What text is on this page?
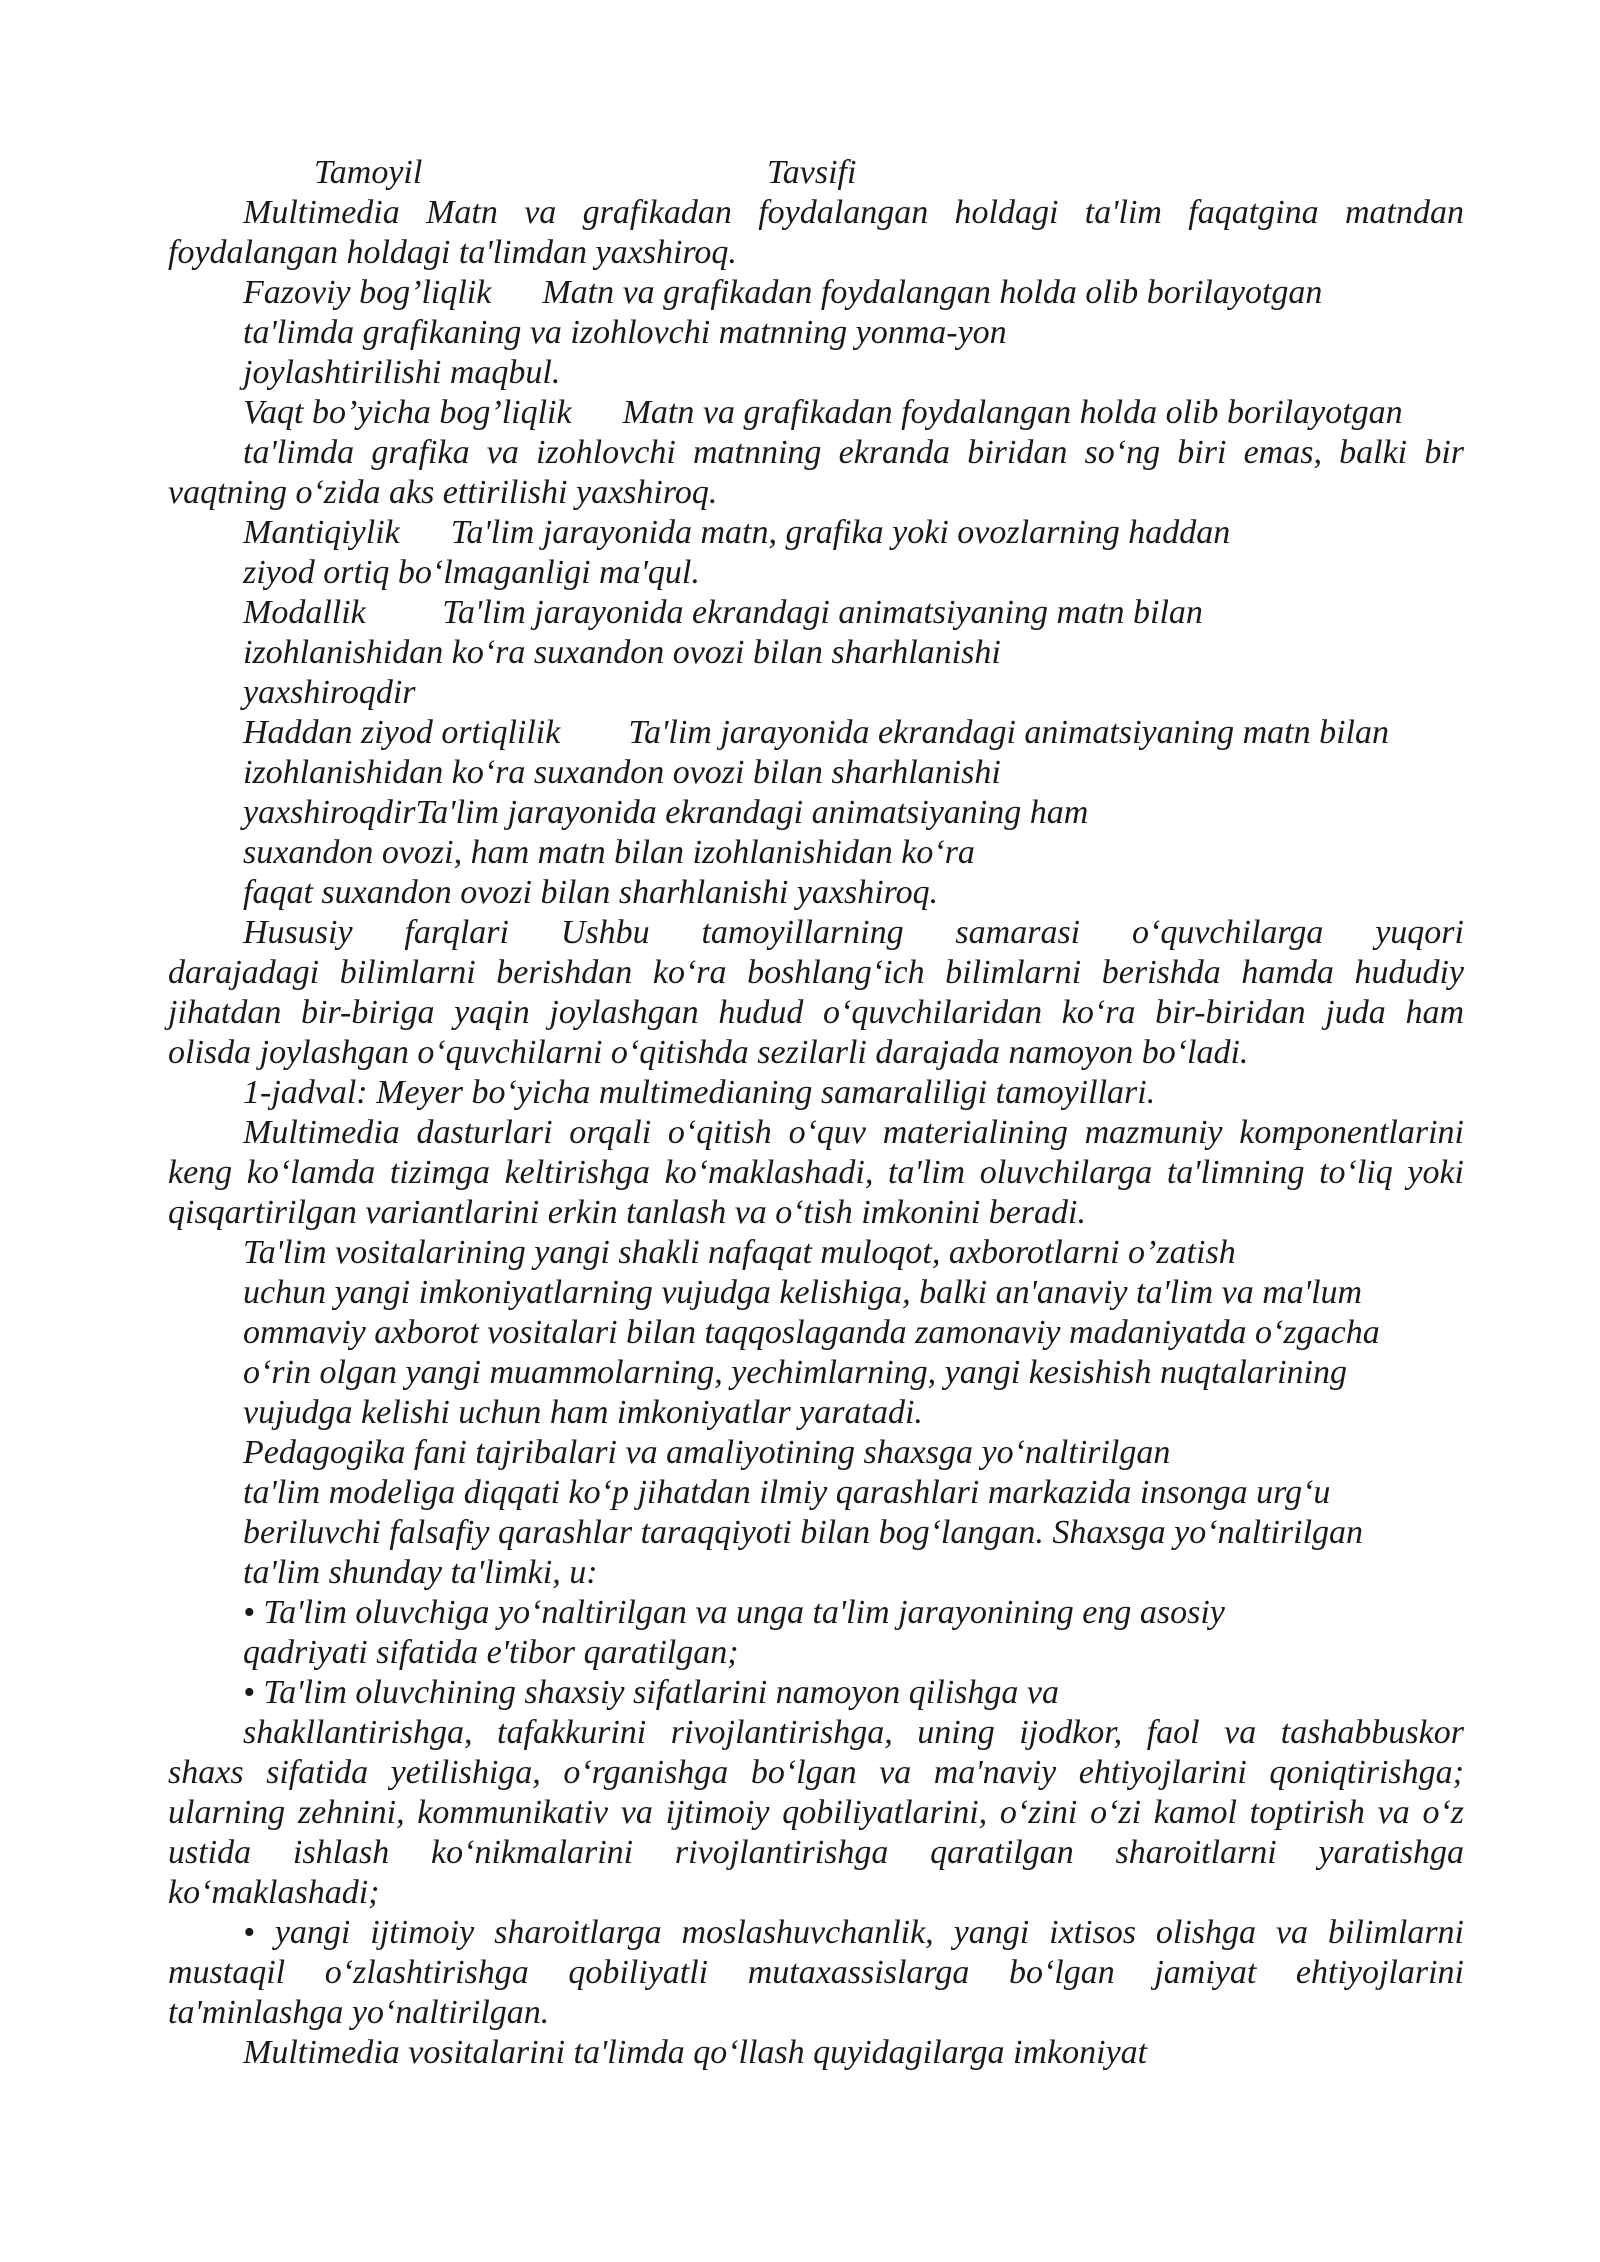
Tamoyil	Tavsifi
Multimedia Matn va grafikadan foydalangan holdagi ta'lim faqatgina matndan
foydalangan holdagi ta'limdan yaxshiroq.
Fazoviy bog’liqlik      Matn va grafikadan foydalangan holda olib borilayotgan
ta'limda grafikaning va izohlovchi matnning yonma-yon
joylashtirilishi maqbul.
Vaqt bo’yicha bog’liqlik      Matn va grafikadan foydalangan holda olib borilayotgan
ta'limda grafika va izohlovchi matnning ekranda biridan so‘ng biri emas, balki bir
vaqtning o‘zida aks ettirilishi yaxshiroq.
Mantiqiylik      Ta'lim jarayonida matn, grafika yoki ovozlarning haddan
ziyod ortiq bo‘lmaganligi ma'qul.
Modallik         Ta'lim jarayonida ekrandagi animatsiyaning matn bilan
izohlanishidan ko‘ra suxandon ovozi bilan sharhlanishi
yaxshiroqdir
Haddan ziyod ortiqlilik        Ta'lim jarayonida ekrandagi animatsiyaning matn bilan
izohlanishidan ko‘ra suxandon ovozi bilan sharhlanishi
yaxshiroqdirTa'lim jarayonida ekrandagi animatsiyaning ham
suxandon ovozi, ham matn bilan izohlanishidan ko‘ra
faqat suxandon ovozi bilan sharhlanishi yaxshiroq.
Hususiy farqlari Ushbu tamoyillarning samarasi o‘quvchilarga yuqori
darajadagi bilimlarni berishdan ko‘ra boshlang‘ich bilimlarni berishda hamda hududiy
jihatdan bir-biriga yaqin joylashgan hudud o‘quvchilaridan ko‘ra bir-biridan juda ham
olisda joylashgan o‘quvchilarni o‘qitishda sezilarli darajada namoyon bo‘ladi.
1-jadval: Meyer bo‘yicha multimedianing samaraliligi tamoyillari.
Multimedia dasturlari orqali o‘qitish o‘quv materialining mazmuniy komponentlarini
keng ko‘lamda tizimga keltirishga ko‘maklashadi, ta'lim oluvchilarga ta'limning to‘liq yoki
qisqartirilgan variantlarini erkin tanlash va o‘tish imkonini beradi.
Ta'lim vositalarining yangi shakli nafaqat muloqot, axborotlarni o’zatish
uchun yangi imkoniyatlarning vujudga kelishiga, balki an'anaviy ta'lim va ma'lum
ommaviy axborot vositalari bilan taqqoslaganda zamonaviy madaniyatda o‘zgacha
o‘rin olgan yangi muammolarning, yechimlarning, yangi kesishish nuqtalarining
vujudga kelishi uchun ham imkoniyatlar yaratadi.
Pedagogika fani tajribalari va amaliyotining shaxsga yo‘naltirilgan
ta'lim modeliga diqqati ko‘p jihatdan ilmiy qarashlari markazida insonga urg‘u
beriluvchi falsafiy qarashlar taraqqiyoti bilan bog‘langan. Shaxsga yo‘naltirilgan
ta'lim shunday ta'limki, u:
• Ta'lim oluvchiga yo‘naltirilgan va unga ta'lim jarayonining eng asosiy
qadriyati sifatida e'tibor qaratilgan;
• Ta'lim oluvchining shaxsiy sifatlarini namoyon qilishga va
shakllantirishga, tafakkurini rivojlantirishga, uning ijodkor, faol va tashabbuskor
shaxs sifatida yetilishiga, o‘rganishga bo‘lgan va ma'naviy ehtiyojlarini qoniqtirishga;
ularning zehnini, kommunikativ va ijtimoiy qobiliyatlarini, o‘zini o‘zi kamol toptirish va o‘z
ustida ishlash ko‘nikmalarini rivojlantirishga qaratilgan sharoitlarni yaratishga
ko‘maklashadi;
• yangi ijtimoiy sharoitlarga moslashuvchanlik, yangi ixtisos olishga va bilimlarni
mustaqil o‘zlashtirishga qobiliyatli mutaxassislarga bo‘lgan jamiyat ehtiyojlarini
ta'minlashga yo‘naltirilgan.
Multimedia vositalarini ta'limda qo‘llash quyidagilarga imkoniyat
